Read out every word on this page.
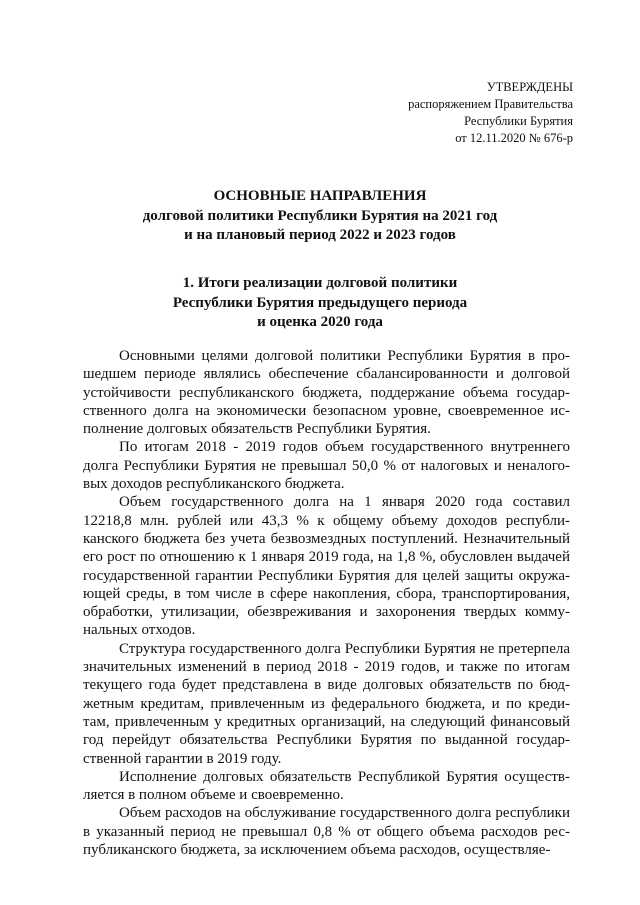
УТВЕРЖДЕНЫ
распоряжением Правительства
Республики Бурятия
от 12.11.2020 № 676-р
ОСНОВНЫЕ НАПРАВЛЕНИЯ
долговой политики Республики Бурятия на 2021 год
и на плановый период 2022 и 2023 годов
1. Итоги реализации долговой политики
Республики Бурятия предыдущего периода
и оценка 2020 года

Основными целями долговой политики Республики Бурятия в прошедшем периоде являлись обеспечение сбалансированности и долговой устойчивости республиканского бюджета, поддержание объема государственного долга на экономически безопасном уровне, своевременное исполнение долговых обязательств Республики Бурятия.

По итогам 2018 - 2019 годов объем государственного внутреннего долга Республики Бурятия не превышал 50,0 % от налоговых и неналоговых доходов республиканского бюджета.

Объем государственного долга на 1 января 2020 года составил 12218,8 млн. рублей или 43,3 % к общему объему доходов республиканского бюджета без учета безвозмездных поступлений. Незначительный его рост по отношению к 1 января 2019 года, на 1,8 %, обусловлен выдачей государственной гарантии Республики Бурятия для целей защиты окружающей среды, в том числе в сфере накопления, сбора, транспортирования, обработки, утилизации, обезвреживания и захоронения твердых коммунальных отходов.

Структура государственного долга Республики Бурятия не претерпела значительных изменений в период 2018 - 2019 годов, и также по итогам текущего года будет представлена в виде долговых обязательств по бюджетным кредитам, привлеченным из федерального бюджета, и по кредитам, привлеченным у кредитных организаций, на следующий финансовый год перейдут обязательства Республики Бурятия по выданной государственной гарантии в 2019 году.

Исполнение долговых обязательств Республикой Бурятия осуществляется в полном объеме и своевременно.

Объем расходов на обслуживание государственного долга республики в указанный период не превышал 0,8 % от общего объема расходов республиканского бюджета, за исключением объема расходов, осуществляе-
